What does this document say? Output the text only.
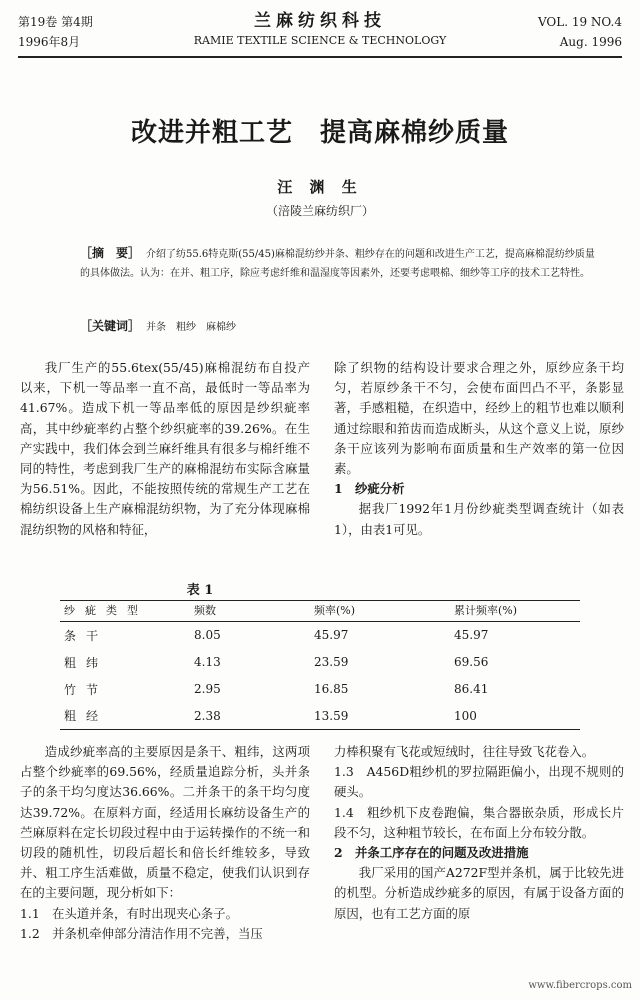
第19卷 第4期
1996年8月
兰麻纺织科技
RAMIE TEXTILE SCIENCE & TECHNOLOGY
VOL. 19 NO.4
Aug. 1996
改进并粗工艺　提高麻棉纱质量
汪 渊 生
（涪陵兰麻纺织厂）
［摘　要］ 介绍了纺55.6特克斯(55/45)麻棉混纺纱并条、粗纱存在的问题和改进生产工艺，提高麻棉混纺纱质量的具体做法。认为：在并、粗工序，除应考虑纤维和温湿度等因素外，还要考虑喂棉、细纱等工序的技术工艺特性。
［关键词］ 并条　粗纱　麻棉纱

我厂生产的55.6tex(55/45)麻棉混纺布自投产以来，下机一等品率一直不高，最低时一等品率为41.67%。造成下机一等品率低的原因是纱织疵率高，其中纱疵率约占整个纱织疵率的39.26%。在生产实践中，我们体会到兰麻纤维具有很多与棉纤维不同的特性，考虑到我厂生产的麻棉混纺布实际含麻量为56.51%。因此，不能按照传统的常规生产工艺在棉纺织设备上生产麻棉混纺织物，为了充分体现麻棉混纺织物的风格和特征，

除了织物的结构设计要求合理之外，原纱应条干均匀，若原纱条干不匀，会使布面凹凸不平，条影显著，手感粗糙，在织造中，经纱上的粗节也难以顺利通过综眼和筘齿而造成断头，从这个意义上说，原纱条干应该列为影响布面质量和生产效率的第一位因素。

1　纱疵分析

据我厂1992年1月份纱疵类型调查统计（如表1），由表1可见。

表 1
纱疵类型	频数	频率(%)	累计频率(%)
条干	8.05	45.97	45.97
粗纬	4.13	23.59	69.56
竹节	2.95	16.85	86.41
粗经	2.38	13.59	100

造成纱疵率高的主要原因是条干、粗纬，这两项占整个纱疵率的69.56%，经质量追踪分析，头并条子的条干均匀度达36.66%。二并条干的条干均匀度达39.72%。在原料方面，经适用长麻纺设备生产的苎麻原料在定长切段过程中由于运转操作的不统一和切段的随机性，切段后超长和倍长纤维较多，导致并、粗工序生活难做，质量不稳定，使我们认识到存在的主要问题，现分析如下：

1.1　在头道并条，有时出现夹心条子。

1.2　并条机牵伸部分清洁作用不完善，当压

力棒积聚有飞花或短绒时，往往导致飞花卷入。

1.3　A456D粗纱机的罗拉隔距偏小，出现不规则的硬头。

1.4　粗纱机下皮卷跑偏，集合器嵌杂质，形成长片段不匀，这种粗节较长，在布面上分布较分散。

2　并条工序存在的问题及改进措施

我厂采用的国产A272F型并条机，属于比较先进的机型。分析造成纱疵多的原因，有属于设备方面的原因，也有工艺方面的原

www.fibercrops.com
